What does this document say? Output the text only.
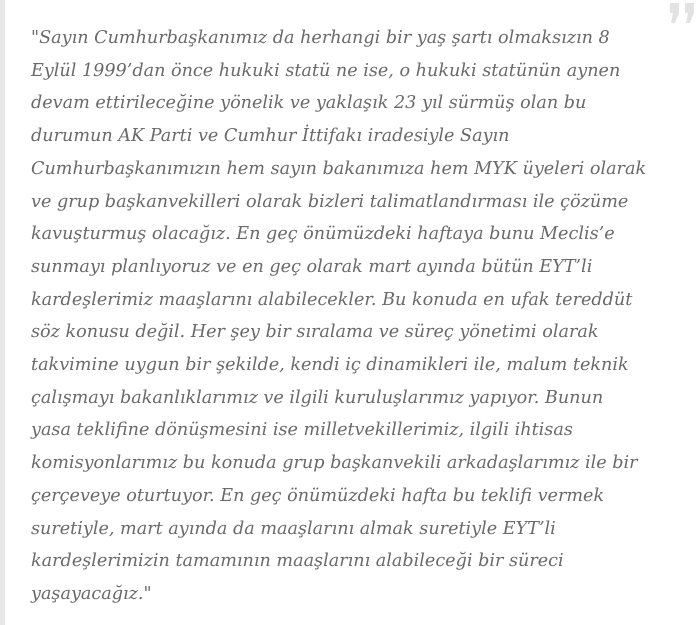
"Sayın Cumhurbaşkanımız da herhangi bir yaş şartı olmaksızın 8
Eylül 1999’dan önce hukuki statü ne ise, o hukuki statünün aynen
devam ettirileceğine yönelik ve yaklaşık 23 yıl sürmüş olan bu
durumun AK Parti ve Cumhur İttifakı iradesiyle Sayın
Cumhurbaşkanımızın hem sayın bakanımıza hem MYK üyeleri olarak
ve grup başkanvekilleri olarak bizleri talimatlandırması ile çözüme
kavuşturmuş olacağız. En geç önümüzdeki haftaya bunu Meclis’e
sunmayı planlıyoruz ve en geç olarak mart ayında bütün EYT’li
kardeşlerimiz maaşlarını alabilecekler. Bu konuda en ufak tereddüt
söz konusu değil. Her şey bir sıralama ve süreç yönetimi olarak
takvimine uygun bir şekilde, kendi iç dinamikleri ile, malum teknik
çalışmayı bakanlıklarımız ve ilgili kuruluşlarımız yapıyor. Bunun
yasa teklifine dönüşmesini ise milletvekillerimiz, ilgili ihtisas
komisyonlarımız bu konuda grup başkanvekili arkadaşlarımız ile bir
çerçeveye oturtuyor. En geç önümüzdeki hafta bu teklifi vermek
suretiyle, mart ayında da maaşlarını almak suretiyle EYT’li
kardeşlerimizin tamamının maaşlarını alabileceği bir süreci
yaşayacağız."
